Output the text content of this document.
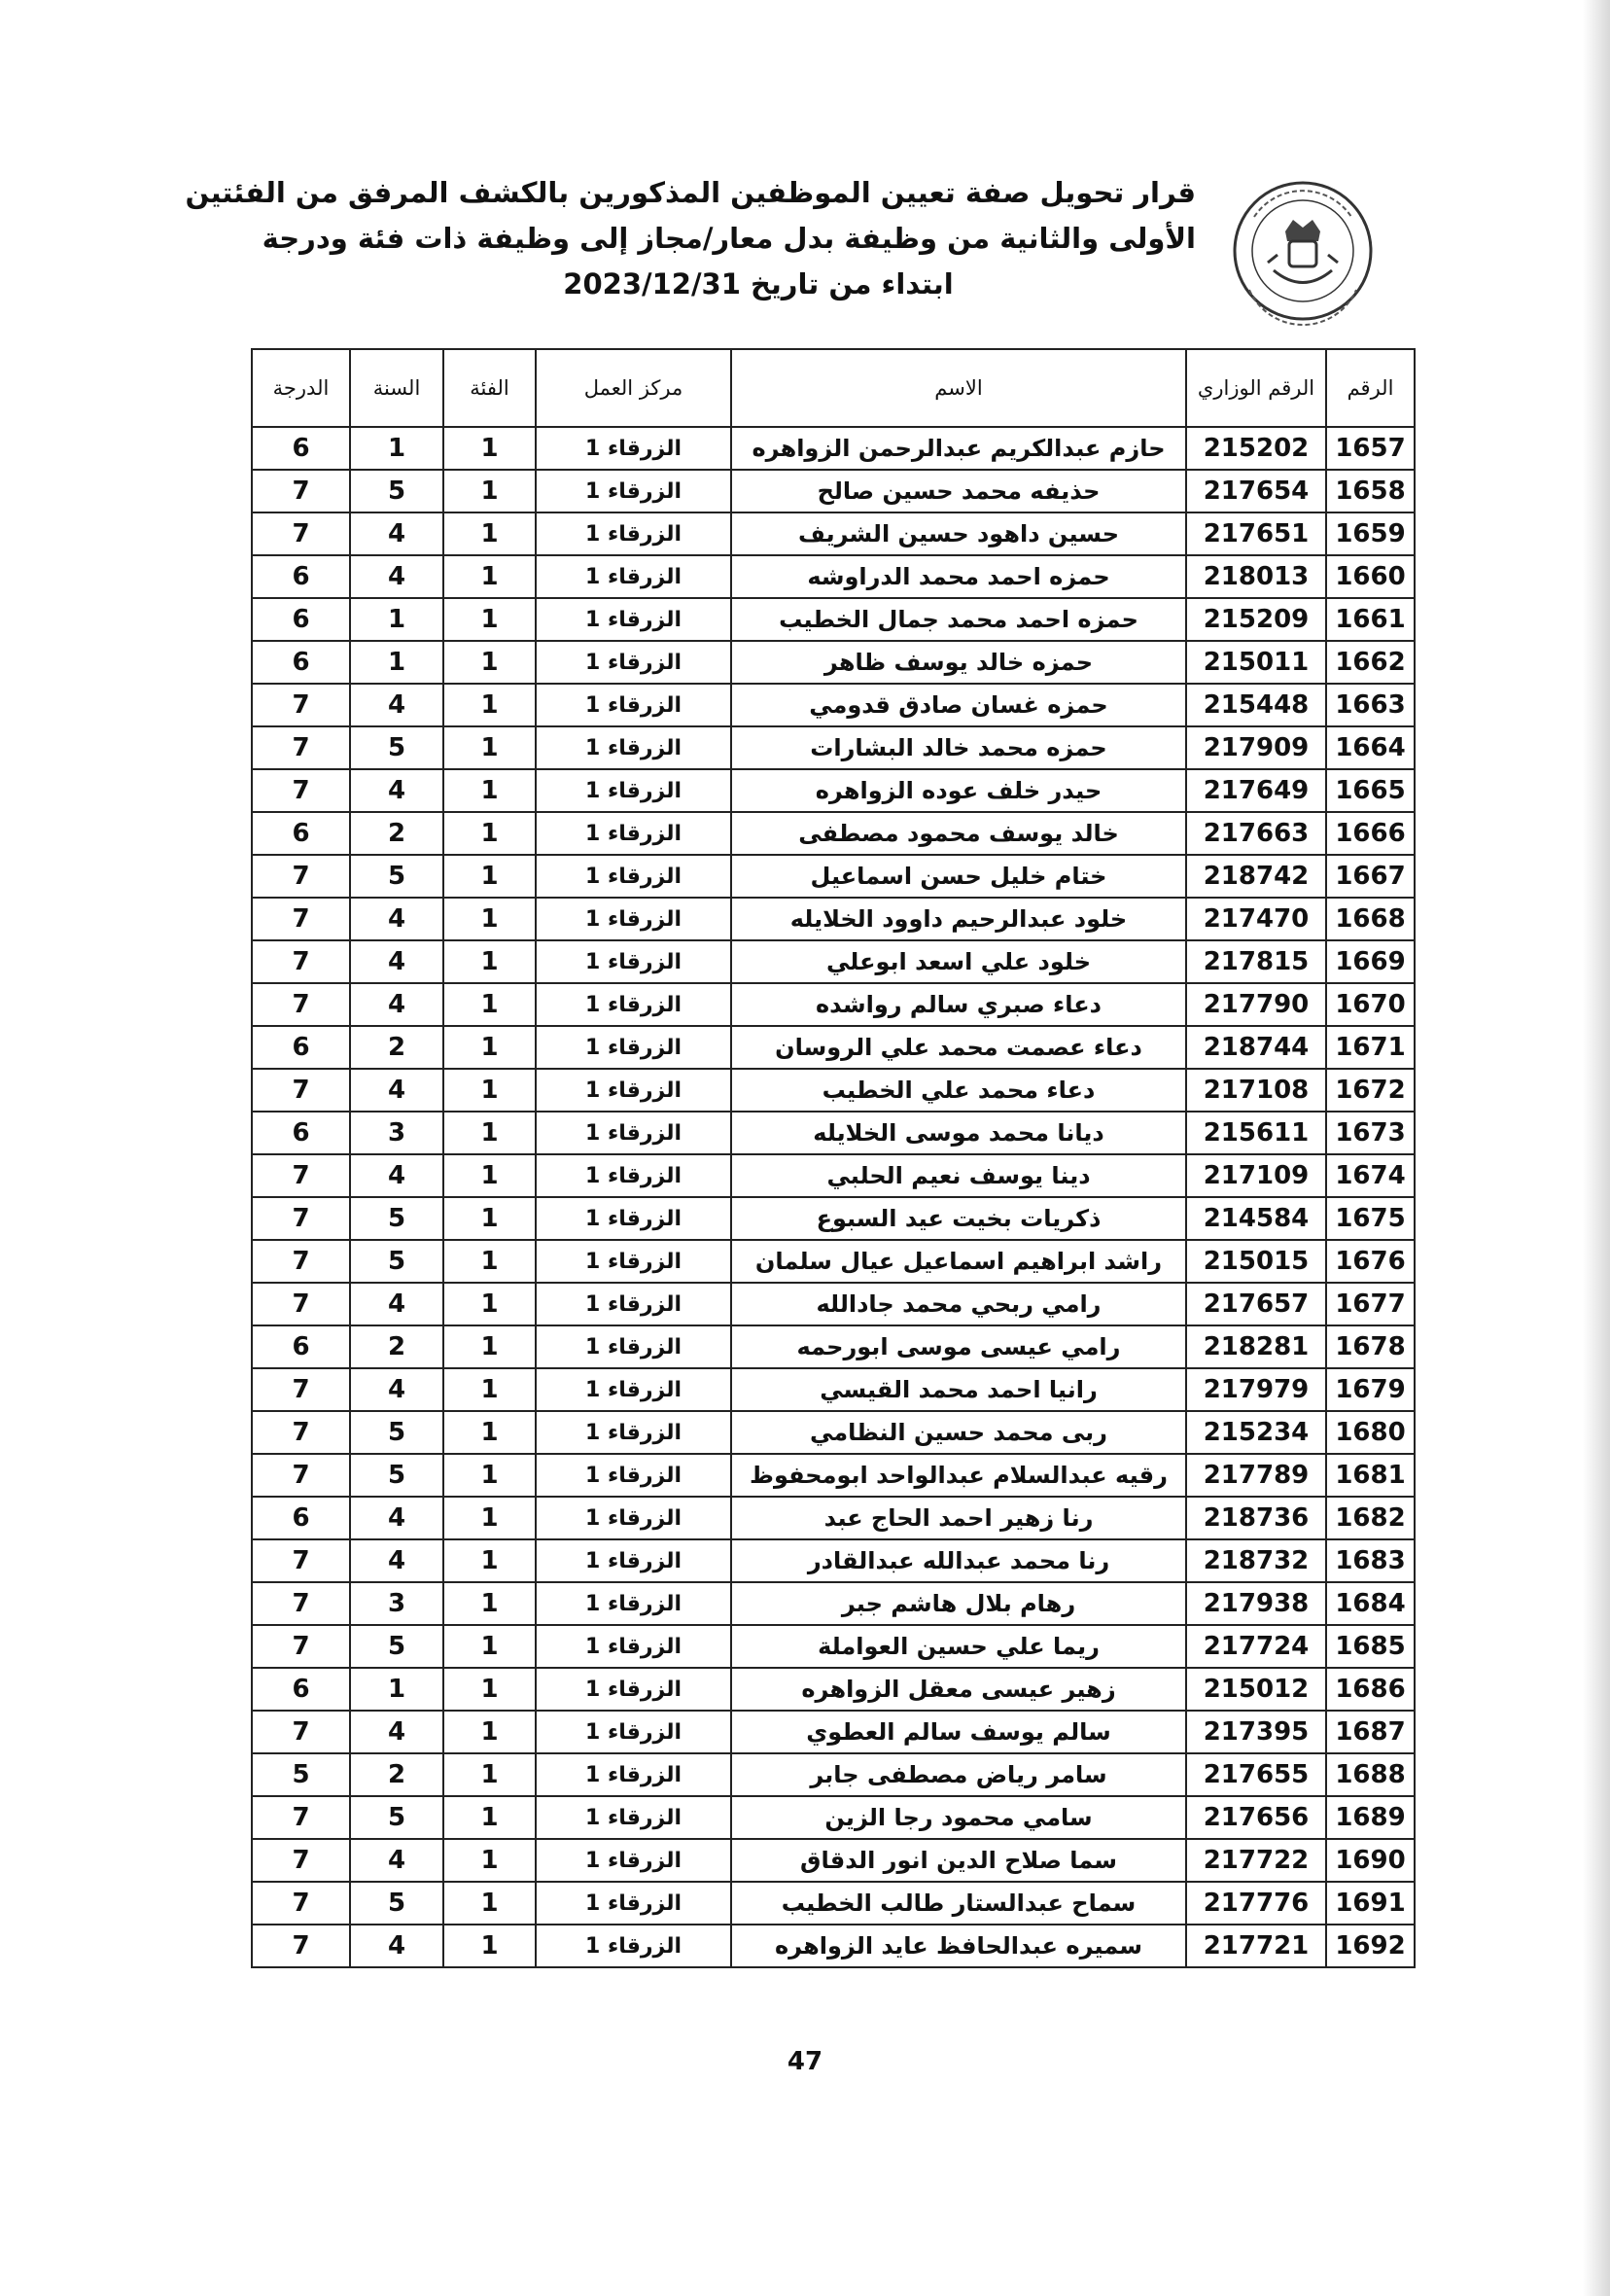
قرار تحويل صفة تعيين الموظفين المذكورين بالكشف المرفق من الفئتين
الأولى والثانية من وظيفة بدل معار/مجاز إلى وظيفة ذات فئة ودرجة
ابتداء من تاريخ 2023/12/31
الرقم	الرقم الوزاري	الاسم	مركز العمل	الفئة	السنة	الدرجة
1657	215202	حازم عبدالكريم عبدالرحمن الزواهره	الزرقاء 1	1	1	6
1658	217654	حذيفه محمد حسين صالح	الزرقاء 1	1	5	7
1659	217651	حسين داهود حسين الشريف	الزرقاء 1	1	4	7
1660	218013	حمزه احمد محمد الدراوشه	الزرقاء 1	1	4	6
1661	215209	حمزه احمد محمد جمال الخطيب	الزرقاء 1	1	1	6
1662	215011	حمزه خالد يوسف ظاهر	الزرقاء 1	1	1	6
1663	215448	حمزه غسان صادق قدومي	الزرقاء 1	1	4	7
1664	217909	حمزه محمد خالد البشارات	الزرقاء 1	1	5	7
1665	217649	حيدر خلف عوده الزواهره	الزرقاء 1	1	4	7
1666	217663	خالد يوسف محمود مصطفى	الزرقاء 1	1	2	6
1667	218742	ختام خليل حسن اسماعيل	الزرقاء 1	1	5	7
1668	217470	خلود عبدالرحيم داوود الخلايله	الزرقاء 1	1	4	7
1669	217815	خلود علي اسعد ابوعلي	الزرقاء 1	1	4	7
1670	217790	دعاء صبري سالم رواشده	الزرقاء 1	1	4	7
1671	218744	دعاء عصمت محمد علي الروسان	الزرقاء 1	1	2	6
1672	217108	دعاء محمد علي الخطيب	الزرقاء 1	1	4	7
1673	215611	ديانا محمد موسى الخلايله	الزرقاء 1	1	3	6
1674	217109	دينا يوسف نعيم الحلبي	الزرقاء 1	1	4	7
1675	214584	ذكريات بخيت عيد السبوع	الزرقاء 1	1	5	7
1676	215015	راشد ابراهيم اسماعيل عيال سلمان	الزرقاء 1	1	5	7
1677	217657	رامي ربحي محمد جادالله	الزرقاء 1	1	4	7
1678	218281	رامي عيسى موسى ابورحمه	الزرقاء 1	1	2	6
1679	217979	رانيا احمد محمد القيسي	الزرقاء 1	1	4	7
1680	215234	ربى محمد حسين النظامي	الزرقاء 1	1	5	7
1681	217789	رقيه عبدالسلام عبدالواحد ابومحفوظ	الزرقاء 1	1	5	7
1682	218736	رنا زهير احمد الحاج عبد	الزرقاء 1	1	4	6
1683	218732	رنا محمد عبدالله عبدالقادر	الزرقاء 1	1	4	7
1684	217938	رهام بلال هاشم جبر	الزرقاء 1	1	3	7
1685	217724	ريما علي حسين العواملة	الزرقاء 1	1	5	7
1686	215012	زهير عيسى معقل الزواهره	الزرقاء 1	1	1	6
1687	217395	سالم يوسف سالم العطوي	الزرقاء 1	1	4	7
1688	217655	سامر رياض مصطفى جابر	الزرقاء 1	1	2	5
1689	217656	سامي محمود رجا الزين	الزرقاء 1	1	5	7
1690	217722	سما صلاح الدين انور الدقاق	الزرقاء 1	1	4	7
1691	217776	سماح عبدالستار طالب الخطيب	الزرقاء 1	1	5	7
1692	217721	سميره عبدالحافظ عايد الزواهره	الزرقاء 1	1	4	7
47
